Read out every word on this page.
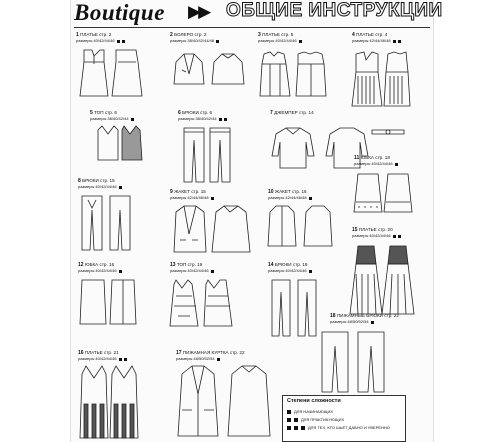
Boutique ▶▶ ОБЩИЕ ИНСТРУКЦИИ
1 ПЛАТЬЕ стр. 2
размеры 40/42/44/46
2 БОЛЕРО стр. 2
размеры 38/40/42/44/46
3 ПЛАТЬЕ стр. 5
размеры 40/42/44/46
4 ПЛАТЬЕ стр. 4
размеры 42/44/46/48
5 ТОП стр. 6
размеры 38/40/42/44
6 БРЮКИ стр. 6
размеры 38/40/42/44
7 ДЖЕМПЕР стр. 14
8 БРЮКИ стр. 15
размеры 40/42/44/46
9 ЖАКЕТ стр. 15
размеры 42/44/46/48
10 ЖАКЕТ стр. 16
размеры 42/44/46/48
11 ЮБКА стр. 18
размеры 40/42/44/46
12 ЮБКА стр. 16
размеры 40/42/44/46
13 ТОП стр. 19
размеры 40/42/44/46
14 БРЮКИ стр. 19
размеры 40/42/44/46
15 ПЛАТЬЕ стр. 20
размеры 40/42/44/46
16 ПЛАТЬЕ стр. 21
размеры 40/42/44/46
17 ПИЖАМНАЯ КУРТКА стр. 22
размеры 48/50/52/54
18 ПИЖАМНЫЕ БРЮКИ стр. 22
размеры 48/50/52/54
Степени сложности
ДЛЯ НАЧИНАЮЩИХ
ДЛЯ ПРАКТИКУЮЩИХ
ДЛЯ ТЕХ, КТО ШЬЁТ ДАВНО И УВЕРЕННО
